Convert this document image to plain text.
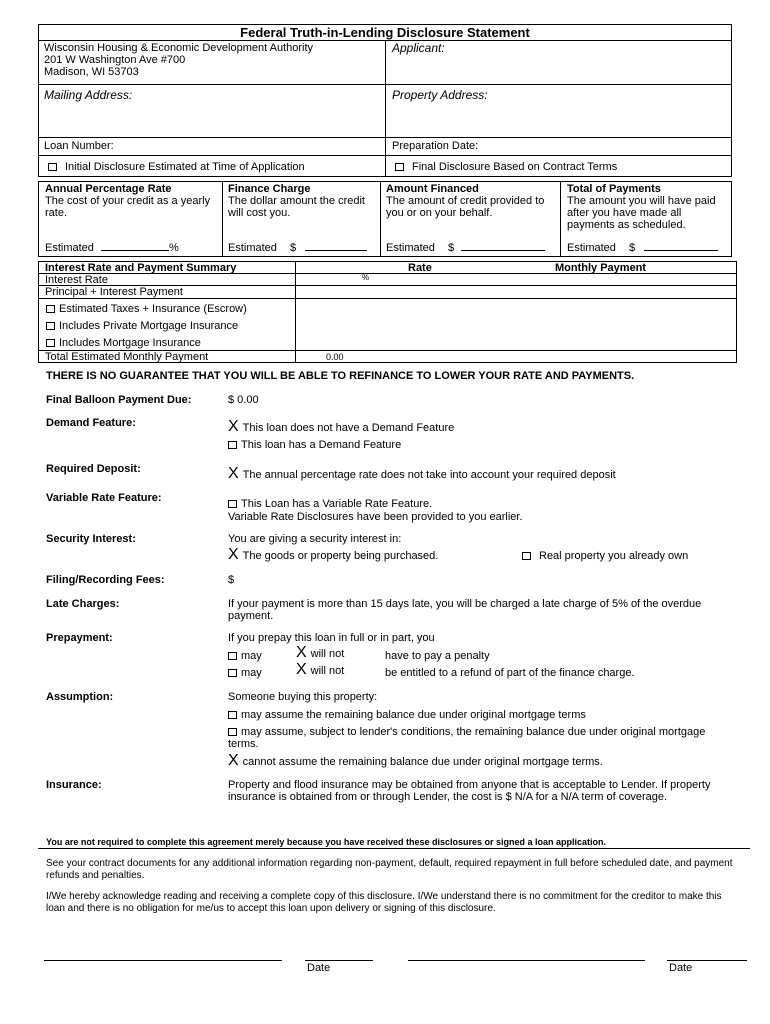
Federal Truth-in-Lending Disclosure Statement
Wisconsin Housing & Economic Development Authority
201 W Washington Ave #700
Madison, WI 53703
Applicant:
Mailing Address:	Property Address:
Loan Number:	Preparation Date:
Initial Disclosure Estimated at Time of Application	Final Disclosure Based on Contract Terms
Annual Percentage Rate
The cost of your credit as a yearly rate.
Estimated	%
Finance Charge
The dollar amount the credit will cost you.
Estimated $
Amount Financed
The amount of credit provided to you or on your behalf.
Estimated $
Total of Payments
The amount you will have paid after you have made all payments as scheduled.
Estimated $
Interest Rate and Payment Summary	Rate	Monthly Payment
Interest Rate	%
Principal + Interest Payment
Estimated Taxes + Insurance (Escrow)
Includes Private Mortgage Insurance
Includes Mortgage Insurance
Total Estimated Monthly Payment	0.00
THERE IS NO GUARANTEE THAT YOU WILL BE ABLE TO REFINANCE TO LOWER YOUR RATE AND PAYMENTS.
Final Balloon Payment Due:	$ 0.00
Demand Feature:	X This loan does not have a Demand Feature
This loan has a Demand Feature
Required Deposit:	X The annual percentage rate does not take into account your required deposit
Variable Rate Feature:	This Loan has a Variable Rate Feature.
Variable Rate Disclosures have been provided to you earlier.
Security Interest:	You are giving a security interest in:
X The goods or property being purchased.	Real property you already own
Filing/Recording Fees:	$
Late Charges:	If your payment is more than 15 days late, you will be charged a late charge of 5% of the overdue payment.
Prepayment:	If you prepay this loan in full or in part, you
may X will not	have to pay a penalty
may X will not	be entitled to a refund of part of the finance charge.
Assumption:	Someone buying this property:
may assume the remaining balance due under original mortgage terms
may assume, subject to lender's conditions, the remaining balance due under original mortgage terms.
X cannot assume the remaining balance due under original mortgage terms.
Insurance:	Property and flood insurance may be obtained from anyone that is acceptable to Lender. If property insurance is obtained from or through Lender, the cost is $ N/A for a N/A term of coverage.
You are not required to complete this agreement merely because you have received these disclosures or signed a loan application.
See your contract documents for any additional information regarding non-payment, default, required repayment in full before scheduled date, and payment refunds and penalties.
I/We hereby acknowledge reading and receiving a complete copy of this disclosure. I/We understand there is no commitment for the creditor to make this loan and there is no obligation for me/us to accept this loan upon delivery or signing of this disclosure.
Date	Date
